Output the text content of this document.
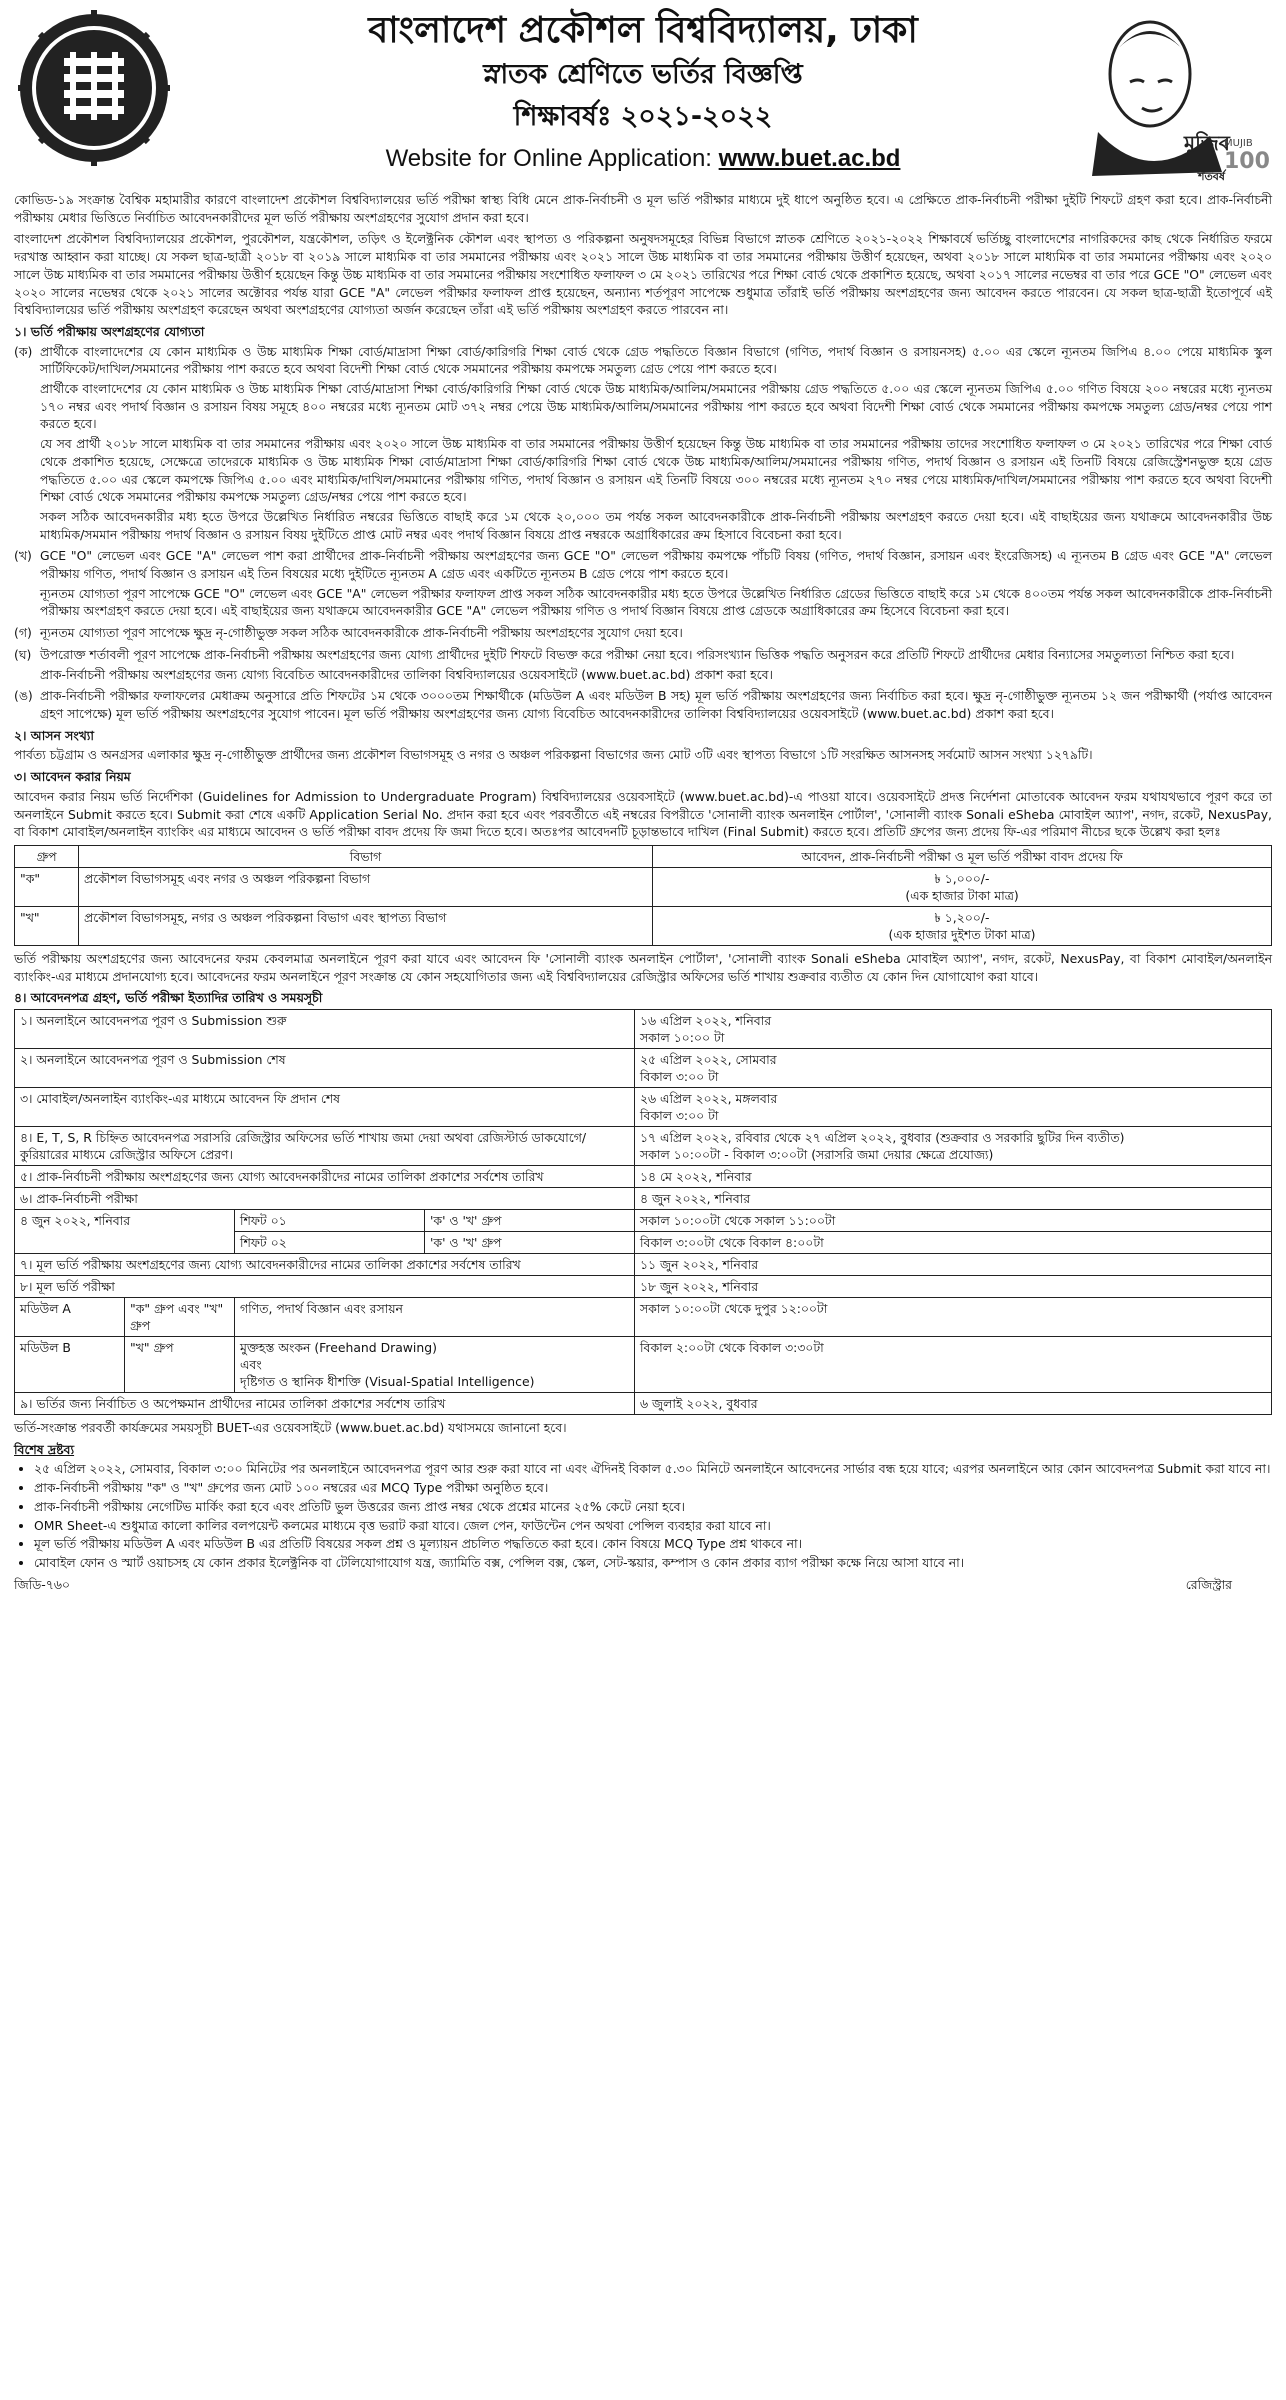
বাংলাদেশ প্রকৌশল বিশ্ববিদ্যালয়, ঢাকা
স্নাতক শ্রেণিতে ভর্তির বিজ্ঞপ্তি
শিক্ষাবর্ষঃ ২০২১-২০২২
Website for Online Application: www.buet.ac.bd
মুজিব
MUJIB
100
শতবর্ষ

কোভিড-১৯ সংক্রান্ত বৈশ্বিক মহামারীর কারণে বাংলাদেশ প্রকৌশল বিশ্ববিদ্যালয়ের ভর্তি পরীক্ষা স্বাস্থ্য বিধি মেনে প্রাক-নির্বাচনী ও মূল ভর্তি পরীক্ষার মাধ্যমে দুই ধাপে অনুষ্ঠিত হবে। এ প্রেক্ষিতে প্রাক-নির্বাচনী পরীক্ষা দুইটি শিফটে গ্রহণ করা হবে। প্রাক-নির্বাচনী পরীক্ষায় মেধার ভিত্তিতে নির্বাচিত আবেদনকারীদের মূল ভর্তি পরীক্ষায় অংশগ্রহণের সুযোগ প্রদান করা হবে।

বাংলাদেশ প্রকৌশল বিশ্ববিদ্যালয়ের প্রকৌশল, পুরকৌশল, যন্ত্রকৌশল, তড়িৎ ও ইলেক্ট্রনিক কৌশল এবং স্থাপত্য ও পরিকল্পনা অনুষদসমূহের বিভিন্ন বিভাগে স্নাতক শ্রেণিতে ২০২১-২০২২ শিক্ষাবর্ষে ভর্তিচ্ছু বাংলাদেশের নাগরিকদের কাছ থেকে নির্ধারিত ফরমে দরখাস্ত আহ্বান করা যাচ্ছে। যে সকল ছাত্র-ছাত্রী ২০১৮ বা ২০১৯ সালে মাধ্যমিক বা তার সমমানের পরীক্ষায় এবং ২০২১ সালে উচ্চ মাধ্যমিক বা তার সমমানের পরীক্ষায় উত্তীর্ণ হয়েছেন, অথবা ২০১৮ সালে মাধ্যমিক বা তার সমমানের পরীক্ষায় এবং ২০২০ সালে উচ্চ মাধ্যমিক বা তার সমমানের পরীক্ষায় উত্তীর্ণ হয়েছেন কিন্তু উচ্চ মাধ্যমিক বা তার সমমানের পরীক্ষায় সংশোধিত ফলাফল ৩ মে ২০২১ তারিখের পরে শিক্ষা বোর্ড থেকে প্রকাশিত হয়েছে, অথবা ২০১৭ সালের নভেম্বর বা তার পরে GCE "O" লেভেল এবং ২০২০ সালের নভেম্বর থেকে ২০২১ সালের অক্টোবর পর্যন্ত যারা GCE "A" লেভেল পরীক্ষার ফলাফল প্রাপ্ত হয়েছেন, অন্যান্য শর্তপূরণ সাপেক্ষে শুধুমাত্র তাঁরাই ভর্তি পরীক্ষায় অংশগ্রহণের জন্য আবেদন করতে পারবেন। যে সকল ছাত্র-ছাত্রী ইতোপূর্বে এই বিশ্ববিদ্যালয়ের ভর্তি পরীক্ষায় অংশগ্রহণ করেছেন অথবা অংশগ্রহণের যোগ্যতা অর্জন করেছেন তাঁরা এই ভর্তি পরীক্ষায় অংশগ্রহণ করতে পারবেন না।

১। ভর্তি পরীক্ষায় অংশগ্রহণের যোগ্যতা
(ক) প্রার্থীকে বাংলাদেশের যে কোন মাধ্যমিক ও উচ্চ মাধ্যমিক শিক্ষা বোর্ড/মাদ্রাসা শিক্ষা বোর্ড/কারিগরি শিক্ষা বোর্ড থেকে গ্রেড পদ্ধতিতে বিজ্ঞান বিভাগে (গণিত, পদার্থ বিজ্ঞান ও রসায়নসহ) ৫.০০ এর স্কেলে ন্যূনতম জিপিএ ৪.০০ পেয়ে মাধ্যমিক স্কুল সার্টিফিকেট/দাখিল/সমমানের পরীক্ষায় পাশ করতে হবে অথবা বিদেশী শিক্ষা বোর্ড থেকে সমমানের পরীক্ষায় কমপক্ষে সমতুল্য গ্রেড পেয়ে পাশ করতে হবে।

প্রার্থীকে বাংলাদেশের যে কোন মাধ্যমিক ও উচ্চ মাধ্যমিক শিক্ষা বোর্ড/মাদ্রাসা শিক্ষা বোর্ড/কারিগরি শিক্ষা বোর্ড থেকে উচ্চ মাধ্যমিক/আলিম/সমমানের পরীক্ষায় গ্রেড পদ্ধতিতে ৫.০০ এর স্কেলে ন্যূনতম জিপিএ ৫.০০ গণিত বিষয়ে ২০০ নম্বরের মধ্যে ন্যূনতম ১৭০ নম্বর এবং পদার্থ বিজ্ঞান ও রসায়ন বিষয় সমূহে ৪০০ নম্বরের মধ্যে ন্যূনতম মোট ৩৭২ নম্বর পেয়ে উচ্চ মাধ্যমিক/আলিম/সমমানের পরীক্ষায় পাশ করতে হবে অথবা বিদেশী শিক্ষা বোর্ড থেকে সমমানের পরীক্ষায় কমপক্ষে সমতুল্য গ্রেড/নম্বর পেয়ে পাশ করতে হবে।

যে সব প্রার্থী ২০১৮ সালে মাধ্যমিক বা তার সমমানের পরীক্ষায় এবং ২০২০ সালে উচ্চ মাধ্যমিক বা তার সমমানের পরীক্ষায় উত্তীর্ণ হয়েছেন কিন্তু উচ্চ মাধ্যমিক বা তার সমমানের পরীক্ষায় তাদের সংশোধিত ফলাফল ৩ মে ২০২১ তারিখের পরে শিক্ষা বোর্ড থেকে প্রকাশিত হয়েছে, সেক্ষেত্রে তাদেরকে মাধ্যমিক ও উচ্চ মাধ্যমিক শিক্ষা বোর্ড/মাদ্রাসা শিক্ষা বোর্ড/কারিগরি শিক্ষা বোর্ড থেকে উচ্চ মাধ্যমিক/আলিম/সমমানের পরীক্ষায় গণিত, পদার্থ বিজ্ঞান ও রসায়ন এই তিনটি বিষয়ে রেজিস্ট্রেশনভুক্ত হয়ে গ্রেড পদ্ধতিতে ৫.০০ এর স্কেলে কমপক্ষে জিপিএ ৫.০০ এবং মাধ্যমিক/দাখিল/সমমানের পরীক্ষায় গণিত, পদার্থ বিজ্ঞান ও রসায়ন এই তিনটি বিষয়ে ৩০০ নম্বরের মধ্যে ন্যূনতম ২৭০ নম্বর পেয়ে মাধ্যমিক/দাখিল/সমমানের পরীক্ষায় পাশ করতে হবে অথবা বিদেশী শিক্ষা বোর্ড থেকে সমমানের পরীক্ষায় কমপক্ষে সমতুল্য গ্রেড/নম্বর পেয়ে পাশ করতে হবে।

সকল সঠিক আবেদনকারীর মধ্য হতে উপরে উল্লেখিত নির্ধারিত নম্বরের ভিত্তিতে বাছাই করে ১ম থেকে ২০,০০০ তম পর্যন্ত সকল আবেদনকারীকে প্রাক-নির্বাচনী পরীক্ষায় অংশগ্রহণ করতে দেয়া হবে। এই বাছাইয়ের জন্য যথাক্রমে আবেদনকারীর উচ্চ মাধ্যমিক/সমমান পরীক্ষায় পদার্থ বিজ্ঞান ও রসায়ন বিষয় দুইটিতে প্রাপ্ত মোট নম্বর এবং পদার্থ বিজ্ঞান বিষয়ে প্রাপ্ত নম্বরকে অগ্রাধিকারের ক্রম হিসাবে বিবেচনা করা হবে।

(খ) GCE "O" লেভেল এবং GCE "A" লেভেল পাশ করা প্রার্থীদের প্রাক-নির্বাচনী পরীক্ষায় অংশগ্রহণের জন্য GCE "O" লেভেল পরীক্ষায় কমপক্ষে পাঁচটি বিষয় (গণিত, পদার্থ বিজ্ঞান, রসায়ন এবং ইংরেজিসহ) এ ন্যূনতম B গ্রেড এবং GCE "A" লেভেল পরীক্ষায় গণিত, পদার্থ বিজ্ঞান ও রসায়ন এই তিন বিষয়ের মধ্যে দুইটিতে ন্যূনতম A গ্রেড এবং একটিতে ন্যূনতম B গ্রেড পেয়ে পাশ করতে হবে।

ন্যূনতম যোগ্যতা পূরণ সাপেক্ষে GCE "O" লেভেল এবং GCE "A" লেভেল পরীক্ষার ফলাফল প্রাপ্ত সকল সঠিক আবেদনকারীর মধ্য হতে উপরে উল্লেখিত নির্ধারিত গ্রেডের ভিত্তিতে বাছাই করে ১ম থেকে ৪০০তম পর্যন্ত সকল আবেদনকারীকে প্রাক-নির্বাচনী পরীক্ষায় অংশগ্রহণ করতে দেয়া হবে। এই বাছাইয়ের জন্য যথাক্রমে আবেদনকারীর GCE "A" লেভেল পরীক্ষায় গণিত ও পদার্থ বিজ্ঞান বিষয়ে প্রাপ্ত গ্রেডকে অগ্রাধিকারের ক্রম হিসেবে বিবেচনা করা হবে।

(গ) ন্যূনতম যোগ্যতা পূরণ সাপেক্ষে ক্ষুদ্র নৃ-গোষ্ঠীভুক্ত সকল সঠিক আবেদনকারীকে প্রাক-নির্বাচনী পরীক্ষায় অংশগ্রহণের সুযোগ দেয়া হবে।

(ঘ) উপরোক্ত শর্তাবলী পূরণ সাপেক্ষে প্রাক-নির্বাচনী পরীক্ষায় অংশগ্রহণের জন্য যোগ্য প্রার্থীদের দুইটি শিফটে বিভক্ত করে পরীক্ষা নেয়া হবে। পরিসংখ্যান ভিত্তিক পদ্ধতি অনুসরন করে প্রতিটি শিফটে প্রার্থীদের মেধার বিন্যাসের সমতুল্যতা নিশ্চিত করা হবে।

প্রাক-নির্বাচনী পরীক্ষায় অংশগ্রহণের জন্য যোগ্য বিবেচিত আবেদনকারীদের তালিকা বিশ্ববিদ্যালয়ের ওয়েবসাইটে (www.buet.ac.bd) প্রকাশ করা হবে।

(ঙ) প্রাক-নির্বাচনী পরীক্ষার ফলাফলের মেধাক্রম অনুসারে প্রতি শিফটের ১ম থেকে ৩০০০তম শিক্ষার্থীকে (মডিউল A এবং মডিউল B সহ) মূল ভর্তি পরীক্ষায় অংশগ্রহণের জন্য নির্বাচিত করা হবে। ক্ষুদ্র নৃ-গোষ্ঠীভুক্ত ন্যূনতম ১২ জন পরীক্ষার্থী (পর্যাপ্ত আবেদন গ্রহণ সাপেক্ষে) মূল ভর্তি পরীক্ষায় অংশগ্রহণের সুযোগ পাবেন। মূল ভর্তি পরীক্ষায় অংশগ্রহণের জন্য যোগ্য বিবেচিত আবেদনকারীদের তালিকা বিশ্ববিদ্যালয়ের ওয়েবসাইটে (www.buet.ac.bd) প্রকাশ করা হবে।

২। আসন সংখ্যা

পার্বত্য চট্টগ্রাম ও অনগ্রসর এলাকার ক্ষুদ্র নৃ-গোষ্ঠীভুক্ত প্রার্থীদের জন্য প্রকৌশল বিভাগসমূহ ও নগর ও অঞ্চল পরিকল্পনা বিভাগের জন্য মোট ৩টি এবং স্থাপত্য বিভাগে ১টি সংরক্ষিত আসনসহ সর্বমোট আসন সংখ্যা ১২৭৯টি।

৩। আবেদন করার নিয়ম

আবেদন করার নিয়ম ভর্তি নির্দেশিকা (Guidelines for Admission to Undergraduate Program) বিশ্ববিদ্যালয়ের ওয়েবসাইটে (www.buet.ac.bd)-এ পাওয়া যাবে। ওয়েবসাইটে প্রদত্ত নির্দেশনা মোতাবেক আবেদন ফরম যথাযথভাবে পূরণ করে তা অনলাইনে Submit করতে হবে। Submit করা শেষে একটি Application Serial No. প্রদান করা হবে এবং পরবর্তীতে এই নম্বরের বিপরীতে 'সোনালী ব্যাংক অনলাইন পোর্টাল', 'সোনালী ব্যাংক Sonali eSheba মোবাইল অ্যাপ', নগদ, রকেট, NexusPay, বা বিকাশ মোবাইল/অনলাইন ব্যাংকিং এর মাধ্যমে আবেদন ও ভর্তি পরীক্ষা বাবদ প্রদেয় ফি জমা দিতে হবে। অতঃপর আবেদনটি চূড়ান্তভাবে দাখিল (Final Submit) করতে হবে। প্রতিটি গ্রুপের জন্য প্রদেয় ফি-এর পরিমাণ নীচের ছকে উল্লেখ করা হলঃ

গ্রুপ	বিভাগ	আবেদন, প্রাক-নির্বাচনী পরীক্ষা ও মূল ভর্তি পরীক্ষা বাবদ প্রদেয় ফি
"ক"	প্রকৌশল বিভাগসমূহ এবং নগর ও অঞ্চল পরিকল্পনা বিভাগ	৳ ১,০০০/-
(এক হাজার টাকা মাত্র)

"খ"	প্রকৌশল বিভাগসমূহ, নগর ও অঞ্চল পরিকল্পনা বিভাগ এবং স্থাপত্য বিভাগ	৳ ১,২০০/-
(এক হাজার দুইশত টাকা মাত্র)

ভর্তি পরীক্ষায় অংশগ্রহণের জন্য আবেদনের ফরম কেবলমাত্র অনলাইনে পূরণ করা যাবে এবং আবেদন ফি 'সোনালী ব্যাংক অনলাইন পোর্টাল', 'সোনালী ব্যাংক Sonali eSheba মোবাইল অ্যাপ', নগদ, রকেট, NexusPay, বা বিকাশ মোবাইল/অনলাইন ব্যাংকিং-এর মাধ্যমে প্রদানযোগ্য হবে। আবেদনের ফরম অনলাইনে পূরণ সংক্রান্ত যে কোন সহযোগিতার জন্য এই বিশ্ববিদ্যালয়ের রেজিস্ট্রার অফিসের ভর্তি শাখায় শুক্রবার ব্যতীত যে কোন দিন যোগাযোগ করা যাবে।

৪। আবেদনপত্র গ্রহণ, ভর্তি পরীক্ষা ইত্যাদির তারিখ ও সময়সূচী
১। অনলাইনে আবেদনপত্র পূরণ ও Submission শুরু				১৬ এপ্রিল ২০২২, শনিবার
সকাল ১০:০০ টা

২। অনলাইনে আবেদনপত্র পূরণ ও Submission শেষ				২৫ এপ্রিল ২০২২, সোমবার
বিকাল ৩:০০ টা

৩। মোবাইল/অনলাইন ব্যাংকিং-এর মাধ্যমে আবেদন ফি প্রদান শেষ				২৬ এপ্রিল ২০২২, মঙ্গলবার
বিকাল ৩:০০ টা

৪। E, T, S, R চিহ্নিত আবেদনপত্র সরাসরি রেজিস্ট্রার অফিসের ভর্তি শাখায় জমা দেয়া অথবা রেজিস্টার্ড ডাকযোগে/কুরিয়ারের মাধ্যমে রেজিস্ট্রার অফিসে প্রেরণ।				১৭ এপ্রিল ২০২২, রবিবার থেকে ২৭ এপ্রিল ২০২২, বুধবার (শুক্রবার ও সরকারি ছুটির দিন ব্যতীত)
সকাল ১০:০০টা - বিকাল ৩:০০টা (সরাসরি জমা দেয়ার ক্ষেত্রে প্রযোজ্য)

৫। প্রাক-নির্বাচনী পরীক্ষায় অংশগ্রহণের জন্য যোগ্য আবেদনকারীদের নামের তালিকা প্রকাশের সর্বশেষ তারিখ				১৪ মে ২০২২, শনিবার
৬। প্রাক-নির্বাচনী পরীক্ষা				৪ জুন ২০২২, শনিবার
৪ জুন ২০২২, শনিবার		শিফট ০১	'ক' ও 'খ' গ্রুপ	সকাল ১০:০০টা থেকে সকাল ১১:০০টা
		শিফট ০২	'ক' ও 'খ' গ্রুপ	বিকাল ৩:০০টা থেকে বিকাল ৪:০০টা
৭। মূল ভর্তি পরীক্ষায় অংশগ্রহণের জন্য যোগ্য আবেদনকারীদের নামের তালিকা প্রকাশের সর্বশেষ তারিখ				১১ জুন ২০২২, শনিবার
৮। মূল ভর্তি পরীক্ষা				১৮ জুন ২০২২, শনিবার
মডিউল A	"ক" গ্রুপ এবং "খ" গ্রুপ	গণিত, পদার্থ বিজ্ঞান এবং রসায়ন		সকাল ১০:০০টা থেকে দুপুর ১২:০০টা
মডিউল B	"খ" গ্রুপ	মুক্তহস্ত অংকন (Freehand Drawing)
এবং
দৃষ্টিগত ও স্থানিক ধীশক্তি (Visual-Spatial Intelligence)		বিকাল ২:০০টা থেকে বিকাল ৩:৩০টা
৯। ভর্তির জন্য নির্বাচিত ও অপেক্ষমান প্রার্থীদের নামের তালিকা প্রকাশের সর্বশেষ তারিখ				৬ জুলাই ২০২২, বুধবার

ভর্তি-সংক্রান্ত পরবর্তী কার্যক্রমের সময়সূচী BUET-এর ওয়েবসাইটে (www.buet.ac.bd) যথাসময়ে জানানো হবে।

বিশেষ দ্রষ্টব্য
• ২৫ এপ্রিল ২০২২, সোমবার, বিকাল ৩:০০ মিনিটের পর অনলাইনে আবেদনপত্র পূরণ আর শুরু করা যাবে না এবং ঐদিনই বিকাল ৫.৩০ মিনিটে অনলাইনে আবেদনের সার্ভার বন্ধ হয়ে যাবে; এরপর অনলাইনে আর কোন আবেদনপত্র Submit করা যাবে না।
• প্রাক-নির্বাচনী পরীক্ষায় "ক" ও "খ" গ্রুপের জন্য মোট ১০০ নম্বরের এর MCQ Type পরীক্ষা অনুষ্ঠিত হবে।
• প্রাক-নির্বাচনী পরীক্ষায় নেগেটিভ মার্কিং করা হবে এবং প্রতিটি ভুল উত্তরের জন্য প্রাপ্ত নম্বর থেকে প্রশ্নের মানের ২৫% কেটে নেয়া হবে।
• OMR Sheet-এ শুধুমাত্র কালো কালির বলপয়েন্ট কলমের মাধ্যমে বৃত্ত ভরাট করা যাবে। জেল পেন, ফাউন্টেন পেন অথবা পেন্সিল ব্যবহার করা যাবে না।
• মূল ভর্তি পরীক্ষায় মডিউল A এবং মডিউল B এর প্রতিটি বিষয়ের সকল প্রশ্ন ও মূল্যায়ন প্রচলিত পদ্ধতিতে করা হবে। কোন বিষয়ে MCQ Type প্রশ্ন থাকবে না।
• মোবাইল ফোন ও স্মার্ট ওয়াচসহ যে কোন প্রকার ইলেক্ট্রনিক বা টেলিযোগাযোগ যন্ত্র, জ্যামিতি বক্স, পেন্সিল বক্স, স্কেল, সেট-স্কয়ার, কম্পাস ও কোন প্রকার ব্যাগ পরীক্ষা কক্ষে নিয়ে আসা যাবে না।
জিডি-৭৬০	রেজিস্ট্রার
